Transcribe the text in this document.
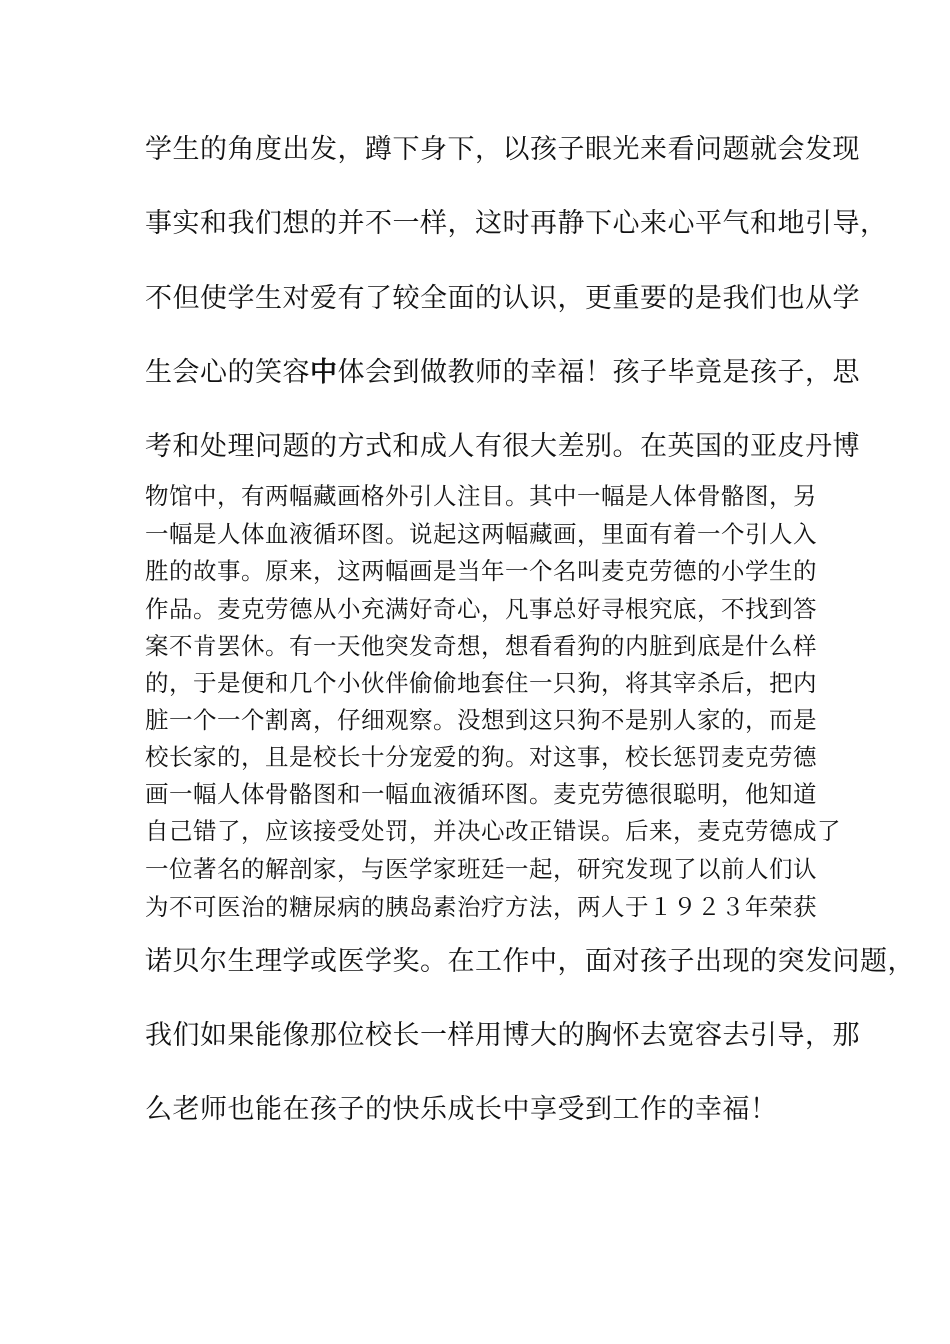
学生的角度出发，蹲下身下，以孩子眼光来看问题就会发现
事实和我们想的并不一样，这时再静下心来心平气和地引导，
不但使学生对爱有了较全面的认识，更重要的是我们也从学
生会心的笑容中体会到做教师的幸福！孩子毕竟是孩子，思
考和处理问题的方式和成人有很大差别。在英国的亚皮丹博
物馆中，有两幅藏画格外引人注目。其中一幅是人体骨骼图，另
一幅是人体血液循环图。说起这两幅藏画，里面有着一个引人入
胜的故事。原来，这两幅画是当年一个名叫麦克劳德的小学生的
作品。麦克劳德从小充满好奇心，凡事总好寻根究底，不找到答
案不肯罢休。有一天他突发奇想，想看看狗的内脏到底是什么样
的，于是便和几个小伙伴偷偷地套住一只狗，将其宰杀后，把内
脏一个一个割离，仔细观察。没想到这只狗不是别人家的，而是
校长家的，且是校长十分宠爱的狗。对这事，校长惩罚麦克劳德
画一幅人体骨骼图和一幅血液循环图。麦克劳德很聪明，他知道
自己错了，应该接受处罚，并决心改正错误。后来，麦克劳德成了
一位著名的解剖家，与医学家班廷一起，研究发现了以前人们认
为不可医治的糖尿病的胰岛素治疗方法，两人于１９２３年荣获
诺贝尔生理学或医学奖。在工作中，面对孩子出现的突发问题，
我们如果能像那位校长一样用博大的胸怀去宽容去引导，那
么老师也能在孩子的快乐成长中享受到工作的幸福！
